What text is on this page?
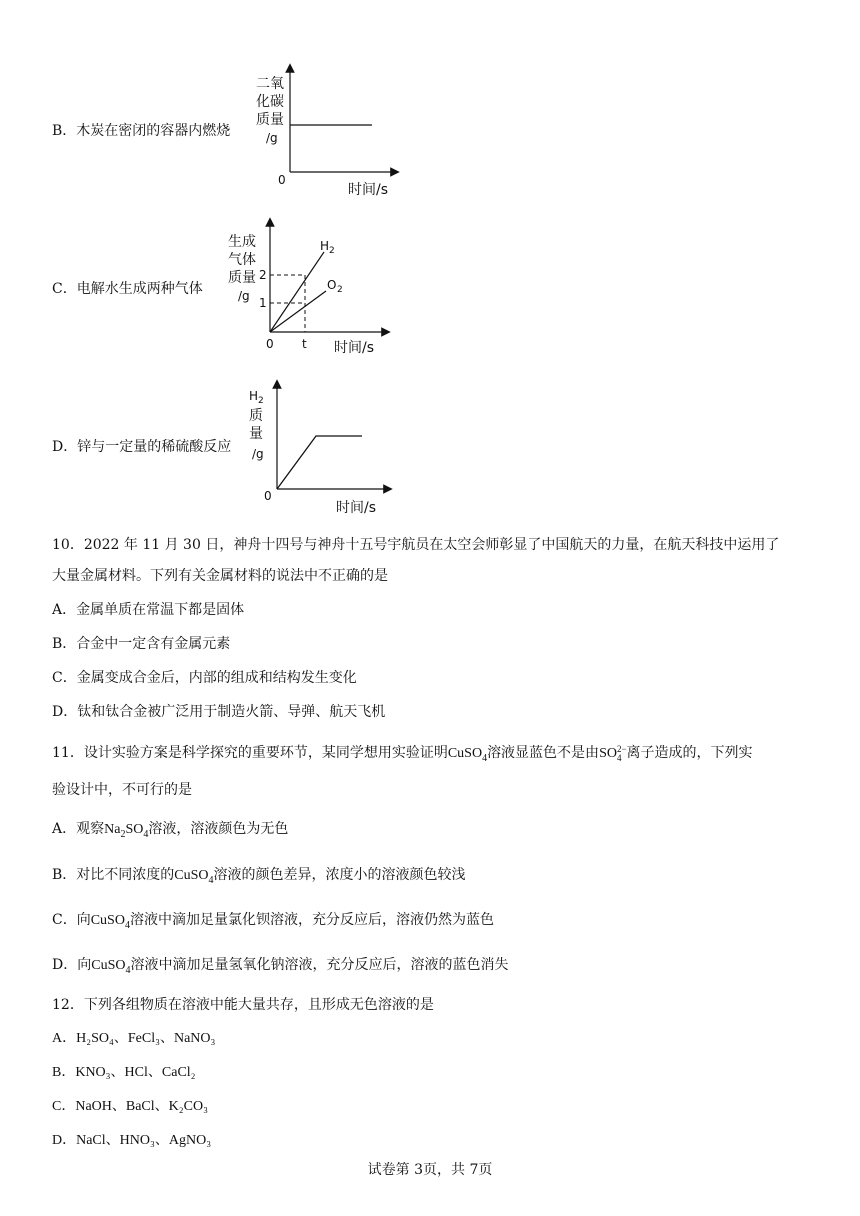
B．木炭在密闭的容器内燃烧
二氧
化碳
质量
/g
0
时间/s
C．电解水生成两种气体
生成
气体
质量
/g
2
1
0 t 时间/s
H 2
O 2
D．锌与一定量的稀硫酸反应
H 2
质
量
/g
0
时间/s
10．2022 年 11 月 30 日，神舟十四号与神舟十五号宇航员在太空会师彰显了中国航天的力量，在航天科技中运用了
大量金属材料。下列有关金属材料的说法中不正确的是
A．金属单质在常温下都是固体
B．合金中一定含有金属元素
C．金属变成合金后，内部的组成和结构发生变化
D．钛和钛合金被广泛用于制造火箭、导弹、航天飞机
11．设计实验方案是科学探究的重要环节，某同学想用实验证明CuSO$_4$溶液显蓝色不是由SO 2−
4 离子造成的，下列实
验设计中，不可行的是
A．观察$Na_2SO_4$溶液，溶液颜色为无色
B．对比不同浓度的CuSO$_4$溶液的颜色差异，浓度小的溶液颜色较浅
C．向CuSO$_4$溶液中滴加足量氯化钡溶液，充分反应后，溶液仍然为蓝色
D．向CuSO$_4$溶液中滴加足量氢氧化钠溶液，充分反应后，溶液的蓝色消失
12．下列各组物质在溶液中能大量共存，且形成无色溶液的是
A．H₂SO₄、FeCl₃、NaNO₃
B．KNO₃、HCl、CaCl₂
C．NaOH、BaCl、K₂CO₃
D．NaCl、HNO₃、AgNO₃
试卷第 3页，共 7页
